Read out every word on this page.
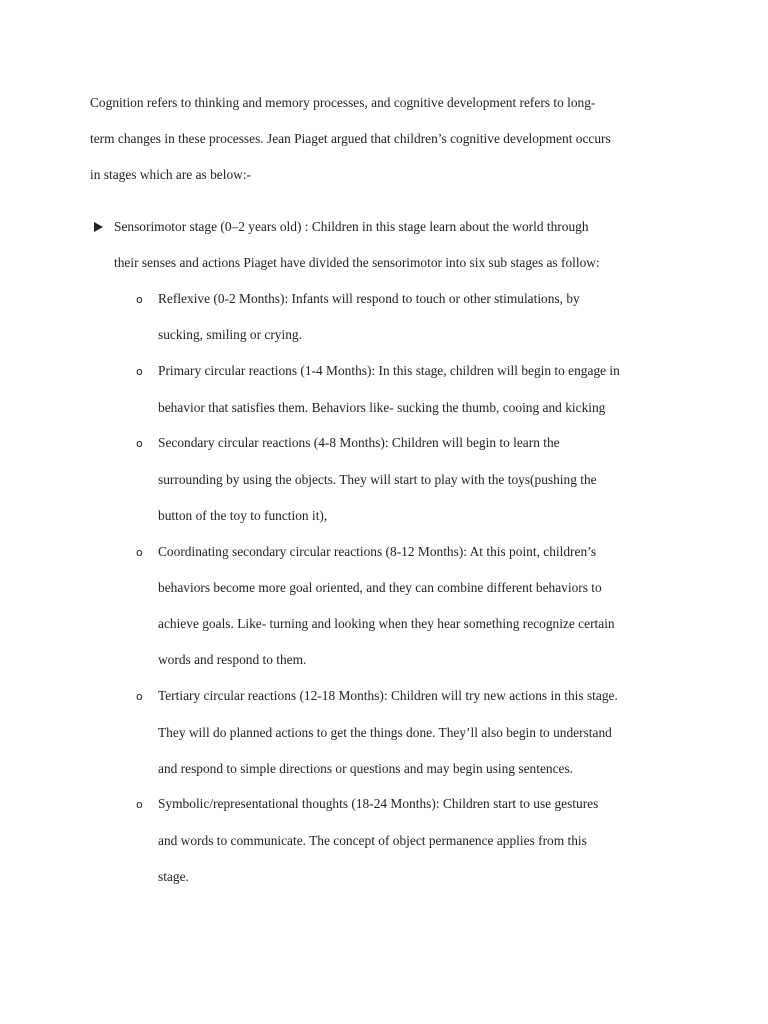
Cognition refers to thinking and memory processes, and cognitive development refers to long-
term changes in these processes. Jean Piaget argued that children’s cognitive development occurs
in stages which are as below:-
Sensorimotor stage (0–2 years old) : Children in this stage learn about the world through
their senses and actions Piaget have divided the sensorimotor into six sub stages as follow:
o Reflexive (0-2 Months): Infants will respond to touch or other stimulations, by
sucking, smiling or crying.
o Primary circular reactions (1-4 Months): In this stage, children will begin to engage in
behavior that satisfies them. Behaviors like- sucking the thumb, cooing and kicking
o Secondary circular reactions (4-8 Months): Children will begin to learn the
surrounding by using the objects. They will start to play with the toys(pushing the
button of the toy to function it),
o Coordinating secondary circular reactions (8-12 Months): At this point, children’s
behaviors become more goal oriented, and they can combine different behaviors to
achieve goals. Like- turning and looking when they hear something recognize certain
words and respond to them.
o Tertiary circular reactions (12-18 Months): Children will try new actions in this stage.
They will do planned actions to get the things done. They’ll also begin to understand
and respond to simple directions or questions and may begin using sentences.
o Symbolic/representational thoughts (18-24 Months): Children start to use gestures
and words to communicate. The concept of object permanence applies from this
stage.
